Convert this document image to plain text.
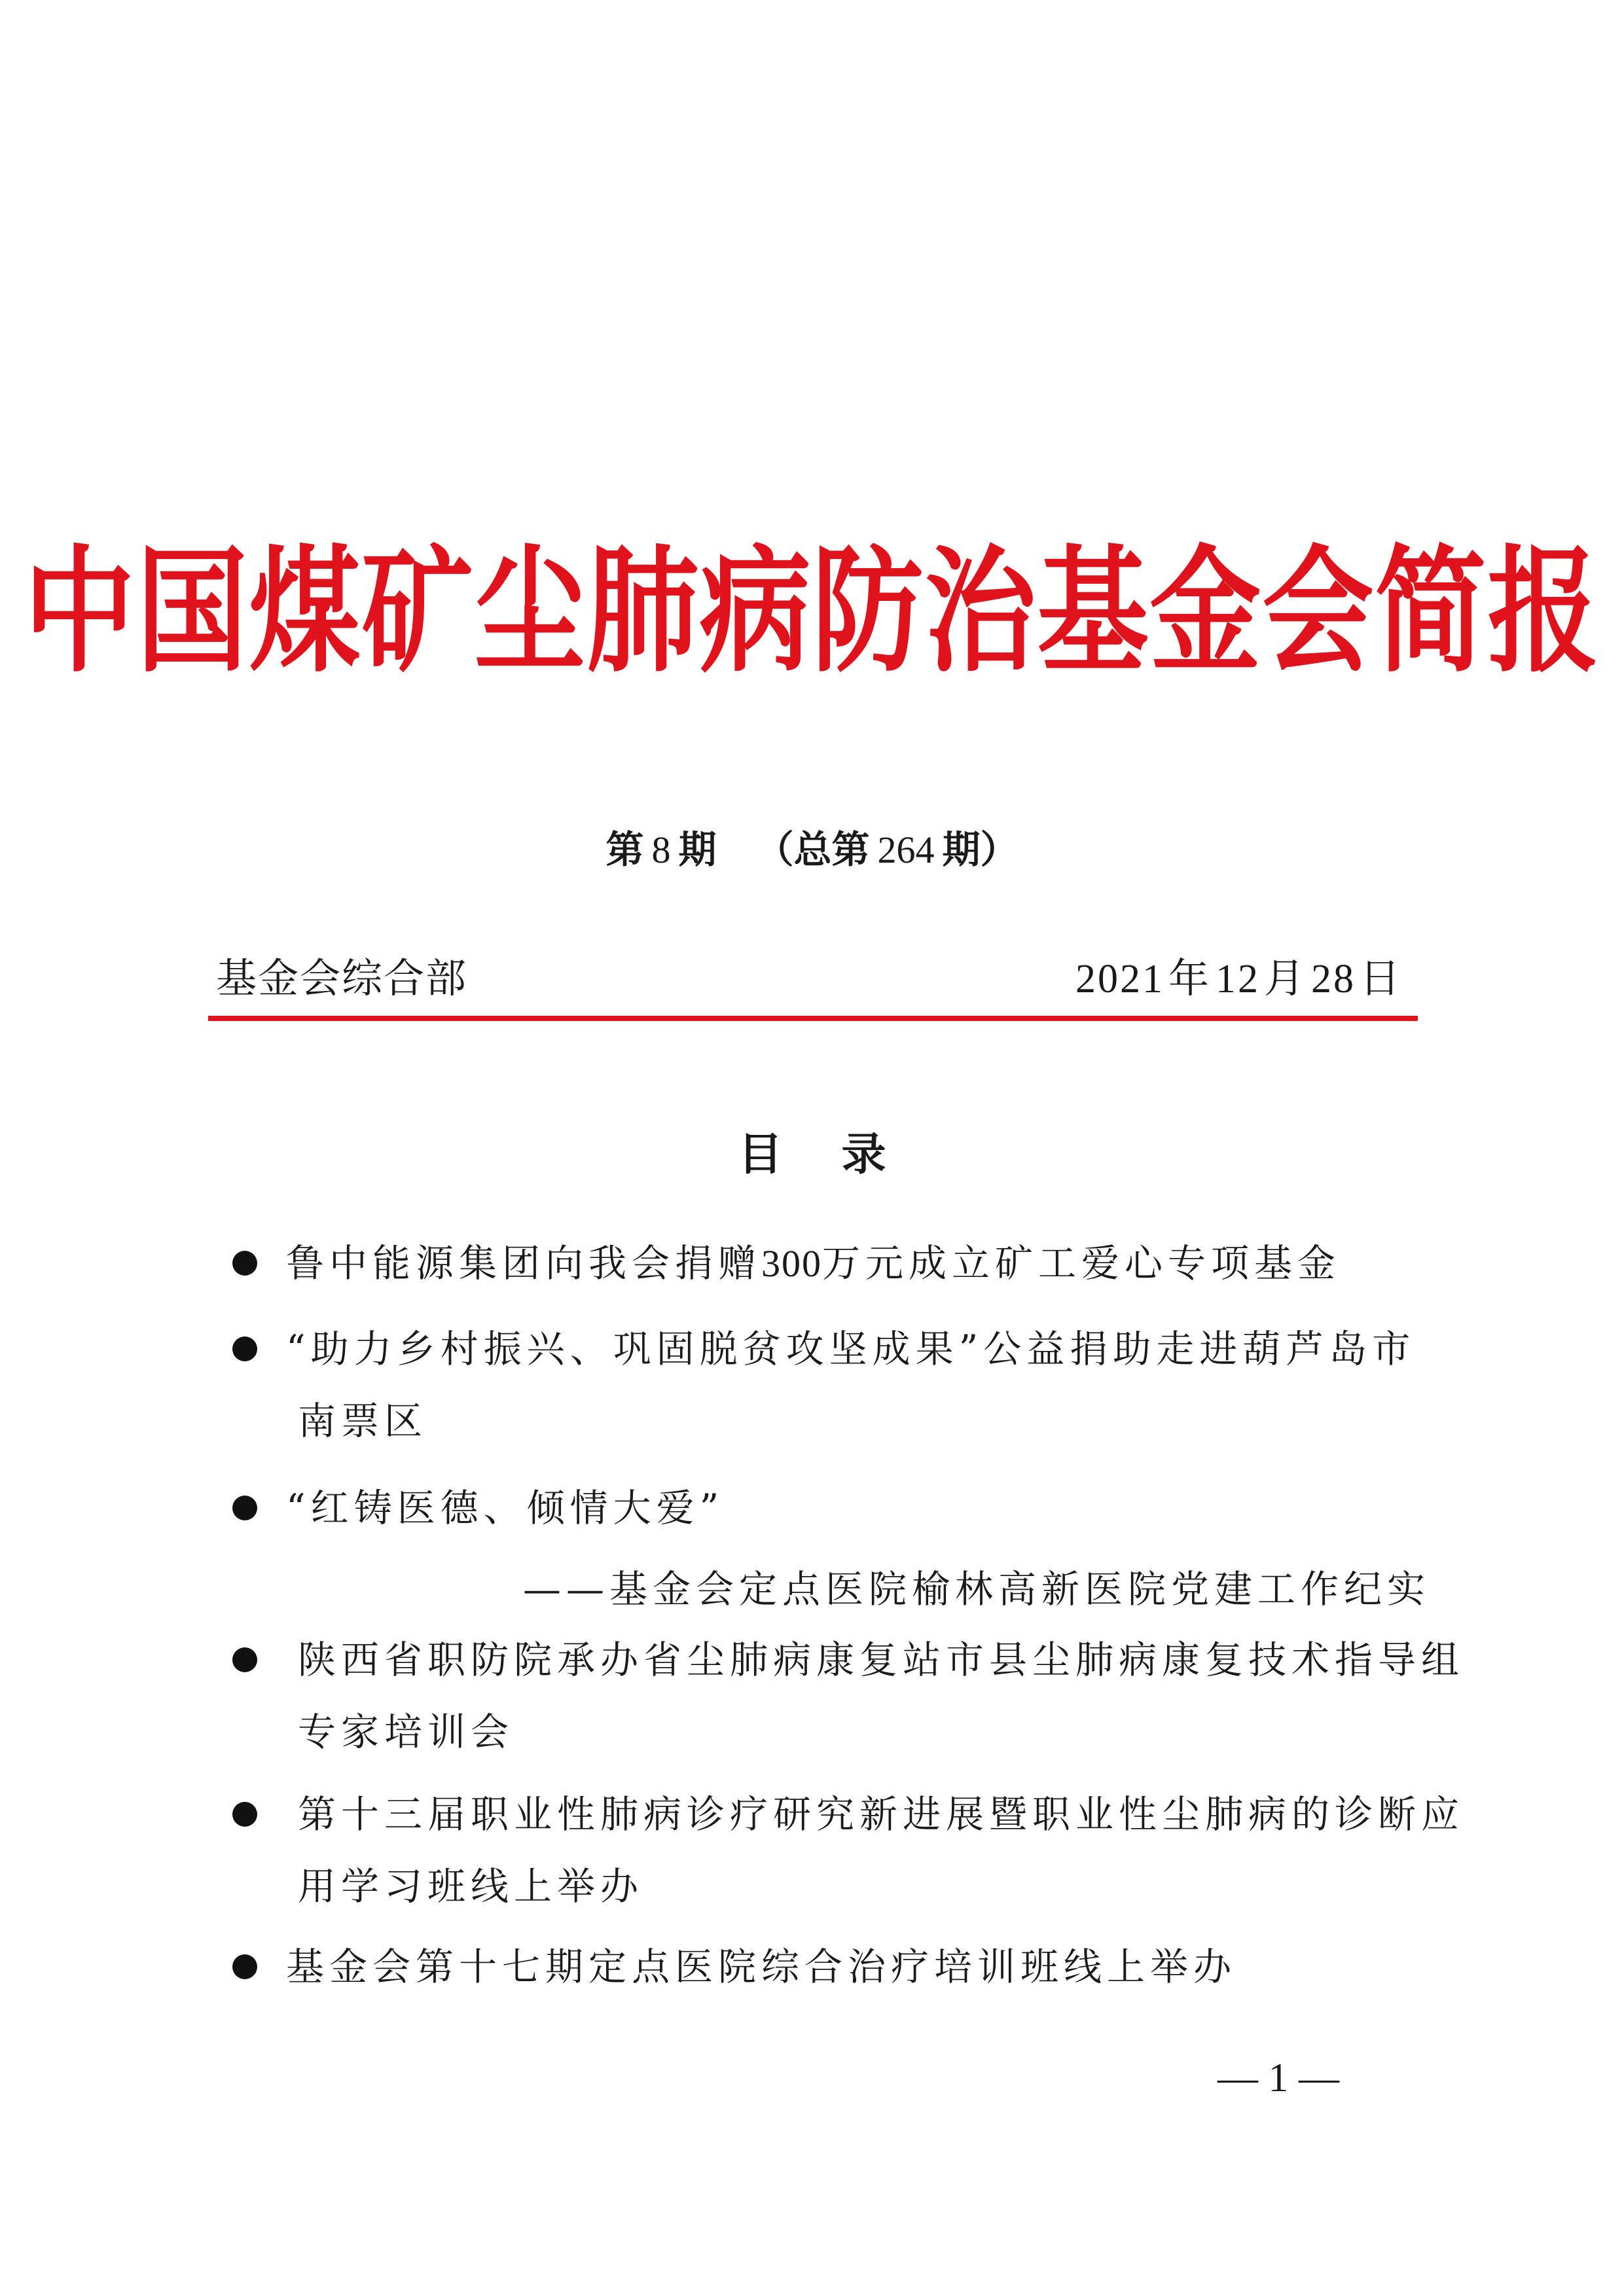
中国煤矿尘肺病防治基金会简报
第 8 期 （总第 264 期）
基金会综合部	2021年12月28日
目录
鲁中能源集团向我会捐赠300万元成立矿工爱心专项基金
“助力乡村振兴、巩固脱贫攻坚成果”公益捐助走进葫芦岛市
南票区
“红铸医德、倾情大爱”
——基金会定点医院榆林高新医院党建工作纪实
陕西省职防院承办省尘肺病康复站市县尘肺病康复技术指导组
专家培训会
第十三届职业性肺病诊疗研究新进展暨职业性尘肺病的诊断应
用学习班线上举办
基金会第十七期定点医院综合治疗培训班线上举办
— 1 —
